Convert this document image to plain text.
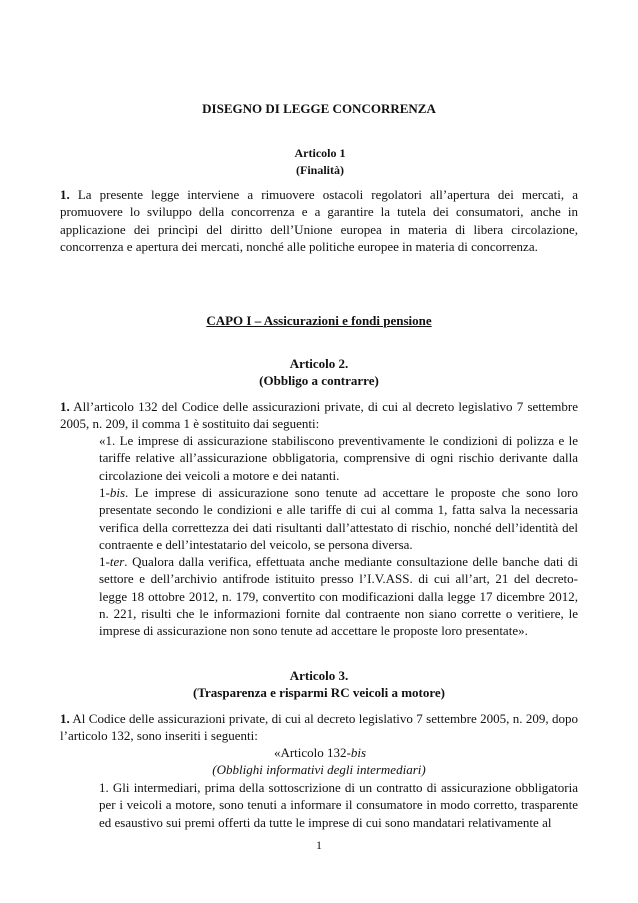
DISEGNO DI LEGGE CONCORRENZA
Articolo 1
(Finalità)

1. La presente legge interviene a rimuovere ostacoli regolatori all’apertura dei mercati, a promuovere lo sviluppo della concorrenza e a garantire la tutela dei consumatori, anche in applicazione dei princìpi del diritto dell’Unione europea in materia di libera circolazione, concorrenza e apertura dei mercati, nonché alle politiche europee in materia di concorrenza.

CAPO I – Assicurazioni e fondi pensione
Articolo 2.
(Obbligo a contrarre)

1. All’articolo 132 del Codice delle assicurazioni private, di cui al decreto legislativo 7 settembre 2005, n. 209, il comma 1 è sostituito dai seguenti:

«1. Le imprese di assicurazione stabiliscono preventivamente le condizioni di polizza e le tariffe relative all’assicurazione obbligatoria, comprensive di ogni rischio derivante dalla circolazione dei veicoli a motore e dei natanti.

1-bis. Le imprese di assicurazione sono tenute ad accettare le proposte che sono loro presentate secondo le condizioni e alle tariffe di cui al comma 1, fatta salva la necessaria verifica della correttezza dei dati risultanti dall’attestato di rischio, nonché dell’identità del contraente e dell’intestatario del veicolo, se persona diversa.

1-ter. Qualora dalla verifica, effettuata anche mediante consultazione delle banche dati di settore e dell’archivio antifrode istituito presso l’I.V.ASS. di cui all’art, 21 del decreto-legge 18 ottobre 2012, n. 179, convertito con modificazioni dalla legge 17 dicembre 2012, n. 221, risulti che le informazioni fornite dal contraente non siano corrette o veritiere, le imprese di assicurazione non sono tenute ad accettare le proposte loro presentate».

Articolo 3.
(Trasparenza e risparmi RC veicoli a motore)

1. Al Codice delle assicurazioni private, di cui al decreto legislativo 7 settembre 2005, n. 209, dopo l’articolo 132, sono inseriti i seguenti:

«Articolo 132-bis
(Obblighi informativi degli intermediari)

1. Gli intermediari, prima della sottoscrizione di un contratto di assicurazione obbligatoria per i veicoli a motore, sono tenuti a informare il consumatore in modo corretto, trasparente ed esaustivo sui premi offerti da tutte le imprese di cui sono mandatari relativamente al

1
